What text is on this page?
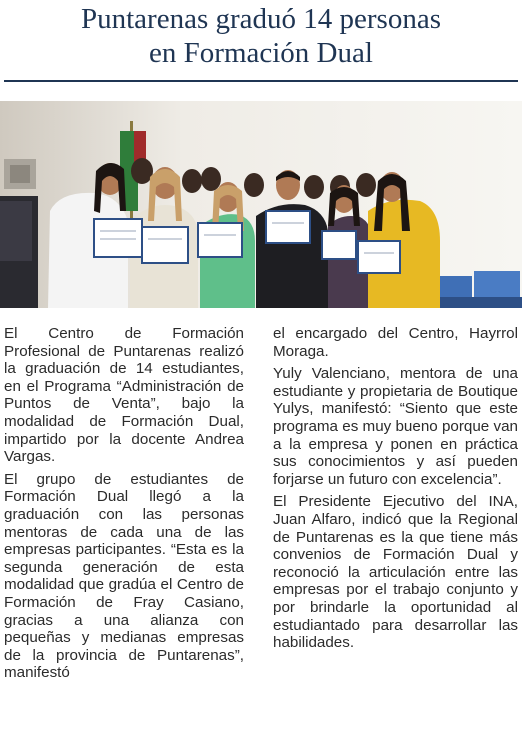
Puntarenas graduó 14 personas
en Formación Dual

El Centro de Formación Profesional de Puntarenas realizó la graduación de 14 estudiantes, en el Programa “Administración de Puntos de Venta”, bajo la modalidad de Formación Dual, impartido por la docente Andrea Vargas.

El grupo de estudiantes de Formación Dual llegó a la graduación con las personas mentoras de cada una de las empresas participantes. “Esta es la segunda generación de esta modalidad que gradúa el Centro de Formación de Fray Casiano, gracias a una alianza con pequeñas y medianas empresas de la provincia de Puntarenas”, manifestó

el encargado del Centro, Hayrrol Moraga.

Yuly Valenciano, mentora de una estudiante y propietaria de Boutique Yulys, manifestó: “Siento que este programa es muy bueno porque van a la empresa y ponen en práctica sus conocimientos y así pueden forjarse un futuro con excelencia”.

El Presidente Ejecutivo del INA, Juan Alfaro, indicó que la Regional de Puntarenas es la que tiene más convenios de Formación Dual y reconoció la articulación entre las empresas por el trabajo conjunto y por brindarle la oportunidad al estudiantado para desarrollar las habilidades.
